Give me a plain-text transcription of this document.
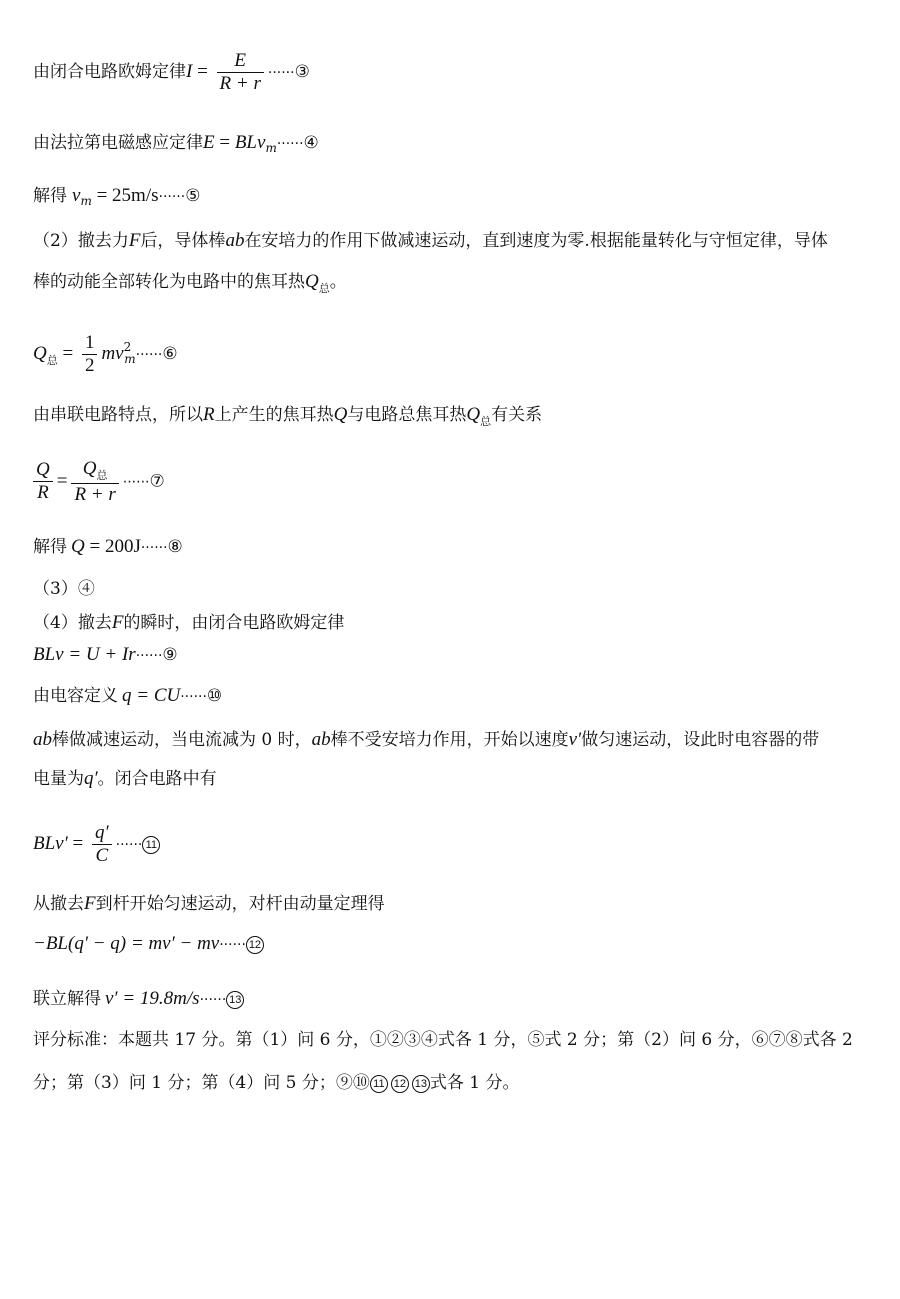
由闭合电路欧姆定律$I = \frac{E}{R + r}$ ······③
由法拉第电磁感应定律E = BLv$_m$······④
解得 $v_m$ = 25m/s······⑤
（2）撤去力F后，导体棒ab在安培力的作用下做减速运动，直到速度为零.根据能量转化与守恒定律，导体
棒的动能全部转化为电路中的焦耳热$Q_总$。
$Q_总 = \frac{1}{2}$ $mv^2_m\cdot\cdot\cdot\cdot\cdot\cdot ⑥$
由串联电路特点，所以R上产生的焦耳热Q与电路总焦耳热$Q_总$有关系
$\frac{Q}{R} = \frac{Q_总}{R + r}$ ······⑦
解得 Q = 200J······⑧
（3）④
（4）撤去F的瞬时，由闭合电路欧姆定律
BLv = U + Ir······⑨
由电容定义 q = CU······⑩
ab棒做减速运动，当电流减为 0 时，ab棒不受安培力作用，开始以速度v′做匀速运动，设此时电容器的带
电量为q′。闭合电路中有
$BLv' = \frac{q'}{C}$ ······ 11
从撤去F到杆开始匀速运动，对杆由动量定理得
−BL(q′ − q) = mv′ − mv······ 12
联立解得 v′ = 19.8m/s······ 13
评分标准：本题共 17 分。第（1）问 6 分，①②③④式各 1 分，⑤式 2 分；第（2）问 6 分，⑥⑦⑧式各 2
分；第（3）问 1 分；第（4）问 5 分；⑨⑩ 11 12 13 式各 1 分。
